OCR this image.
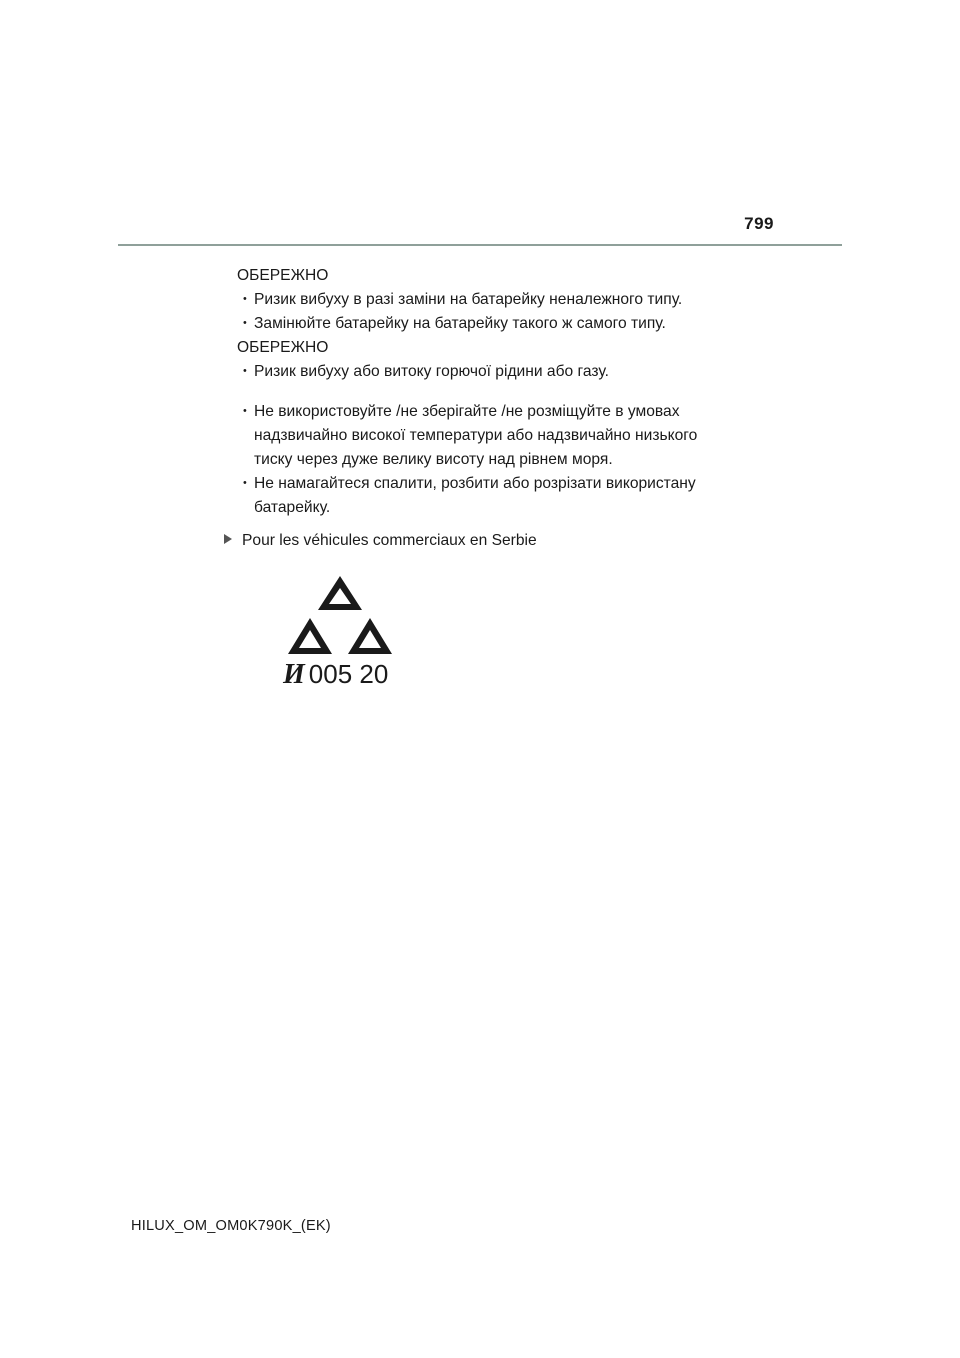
799

ОБЕРЕЖНО

･ Ризик вибуху в разі заміни на батарейку неналежного типу.

･ Замінюйте батарейку на батарейку такого ж самого типу.

ОБЕРЕЖНО

･ Ризик вибуху або витоку горючої рідини або газу.

･ Не використовуйте /не зберігайте /не розміщуйте в умовах надзвичайно високої температури або надзвичайно низького тиску через дуже велику висоту над рівнем моря.

･ Не намагайтеся спалити, розбити або розрізати використану батарейку.

Pour les véhicules commerciaux en Serbie
И 005 20
HILUX_OM_OM0K790K_(EK)
